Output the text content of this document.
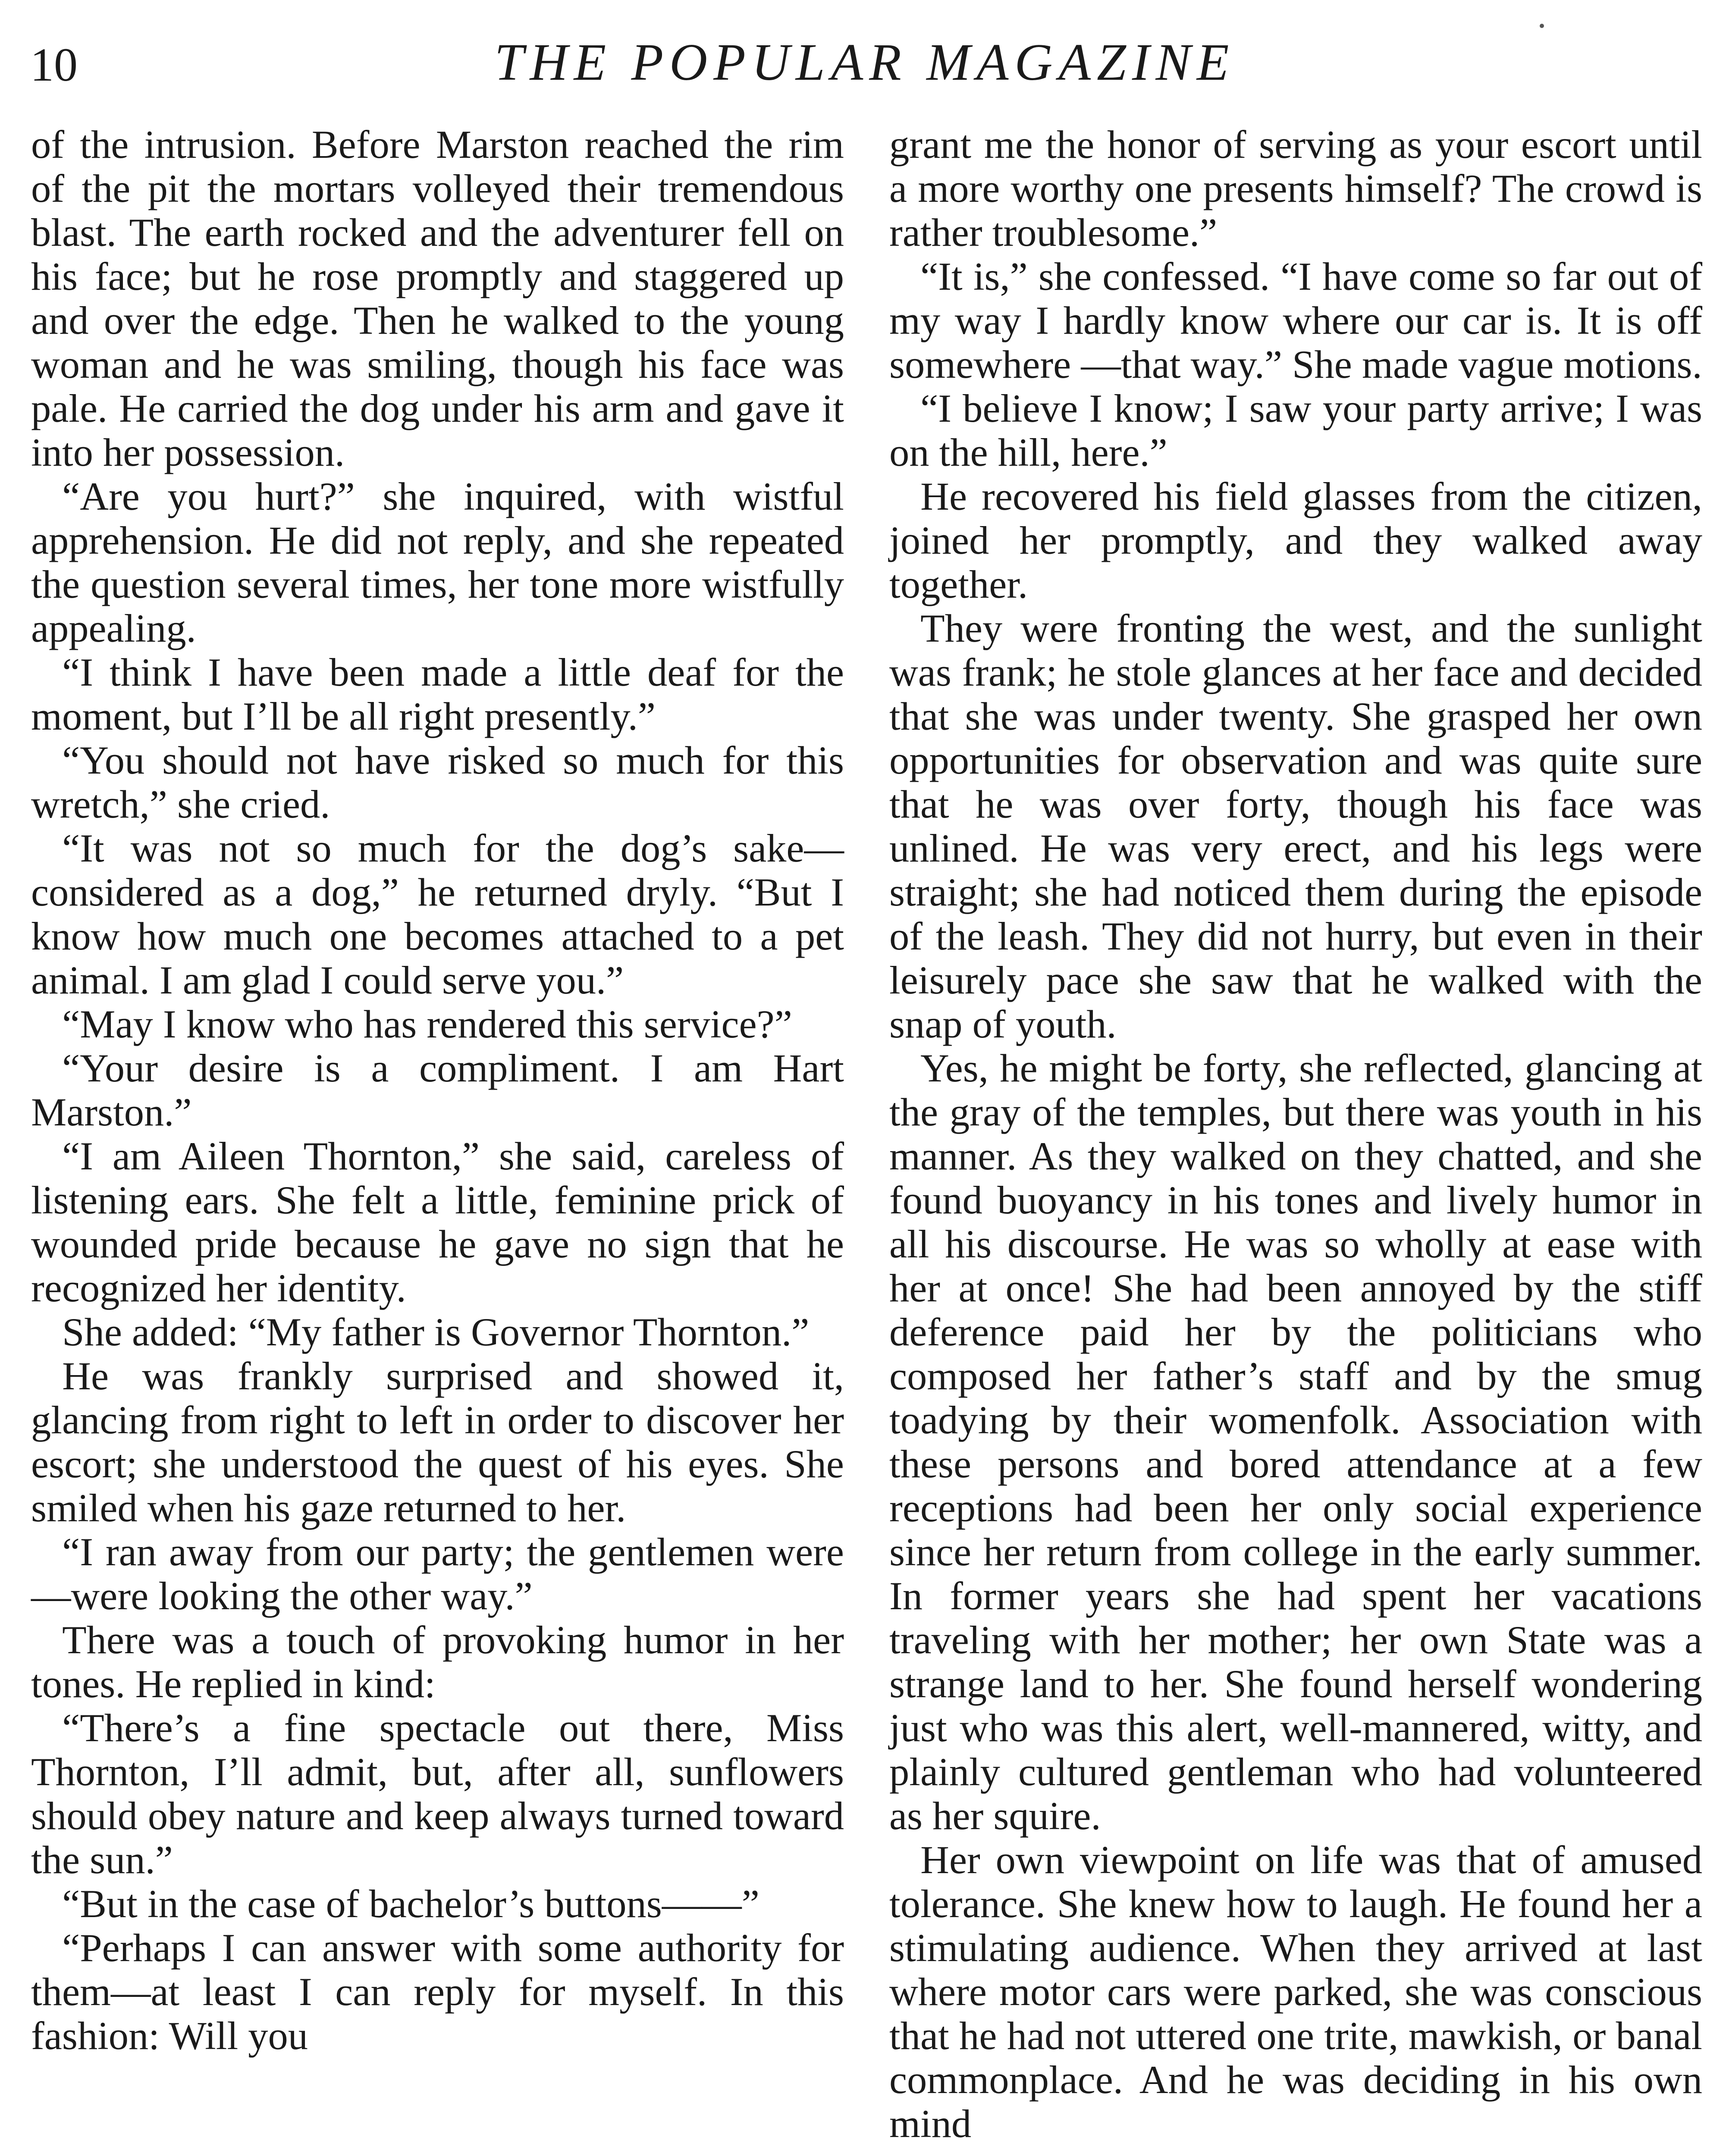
10	THE POPULAR MAGAZINE

of the intrusion. Before Marston reached the rim of the pit the mortars volleyed their tremendous blast. The earth rocked and the adventurer fell on his face; but he rose promptly and staggered up and over the edge. Then he walked to the young woman and he was smiling, though his face was pale. He carried the dog under his arm and gave it into her possession.

“Are you hurt?” she inquired, with wistful apprehension. He did not reply, and she repeated the question several times, her tone more wistfully appealing.

“I think I have been made a little deaf for the moment, but I’ll be all right presently.”

“You should not have risked so much for this wretch,” she cried.

“It was not so much for the dog’s sake—considered as a dog,” he returned dryly. “But I know how much one becomes attached to a pet animal. I am glad I could serve you.”

“May I know who has rendered this service?”

“Your desire is a compliment. I am Hart Marston.”

“I am Aileen Thornton,” she said, careless of listening ears. She felt a little, feminine prick of wounded pride because he gave no sign that he recognized her identity.

She added: “My father is Governor Thornton.”

He was frankly surprised and showed it, glancing from right to left in order to discover her escort; she understood the quest of his eyes. She smiled when his gaze returned to her.

“I ran away from our party; the gentlemen were—were looking the other way.”

There was a touch of provoking humor in her tones. He replied in kind:

“There’s a fine spectacle out there, Miss Thornton, I’ll admit, but, after all, sunflowers should obey nature and keep always turned toward the sun.”

“But in the case of bachelor’s buttons——”

“Perhaps I can answer with some authority for them—at least I can reply for myself. In this fashion: Will you

grant me the honor of serving as your escort until a more worthy one presents himself? The crowd is rather troublesome.”

“It is,” she confessed. “I have come so far out of my way I hardly know where our car is. It is off somewhere —that way.” She made vague motions.

“I believe I know; I saw your party arrive; I was on the hill, here.”

He recovered his field glasses from the citizen, joined her promptly, and they walked away together.

They were fronting the west, and the sunlight was frank; he stole glances at her face and decided that she was under twenty. She grasped her own opportunities for observation and was quite sure that he was over forty, though his face was unlined. He was very erect, and his legs were straight; she had noticed them during the episode of the leash. They did not hurry, but even in their leisurely pace she saw that he walked with the snap of youth.

Yes, he might be forty, she reflected, glancing at the gray of the temples, but there was youth in his manner. As they walked on they chatted, and she found buoyancy in his tones and lively humor in all his discourse. He was so wholly at ease with her at once! She had been annoyed by the stiff deference paid her by the politicians who composed her father’s staff and by the smug toadying by their womenfolk. Association with these persons and bored attendance at a few receptions had been her only social experience since her return from college in the early summer. In former years she had spent her vacations traveling with her mother; her own State was a strange land to her. She found herself wondering just who was this alert, well-mannered, witty, and plainly cultured gentleman who had volunteered as her squire.

Her own viewpoint on life was that of amused tolerance. She knew how to laugh. He found her a stimulating audience. When they arrived at last where motor cars were parked, she was conscious that he had not uttered one trite, mawkish, or banal commonplace. And he was deciding in his own mind
